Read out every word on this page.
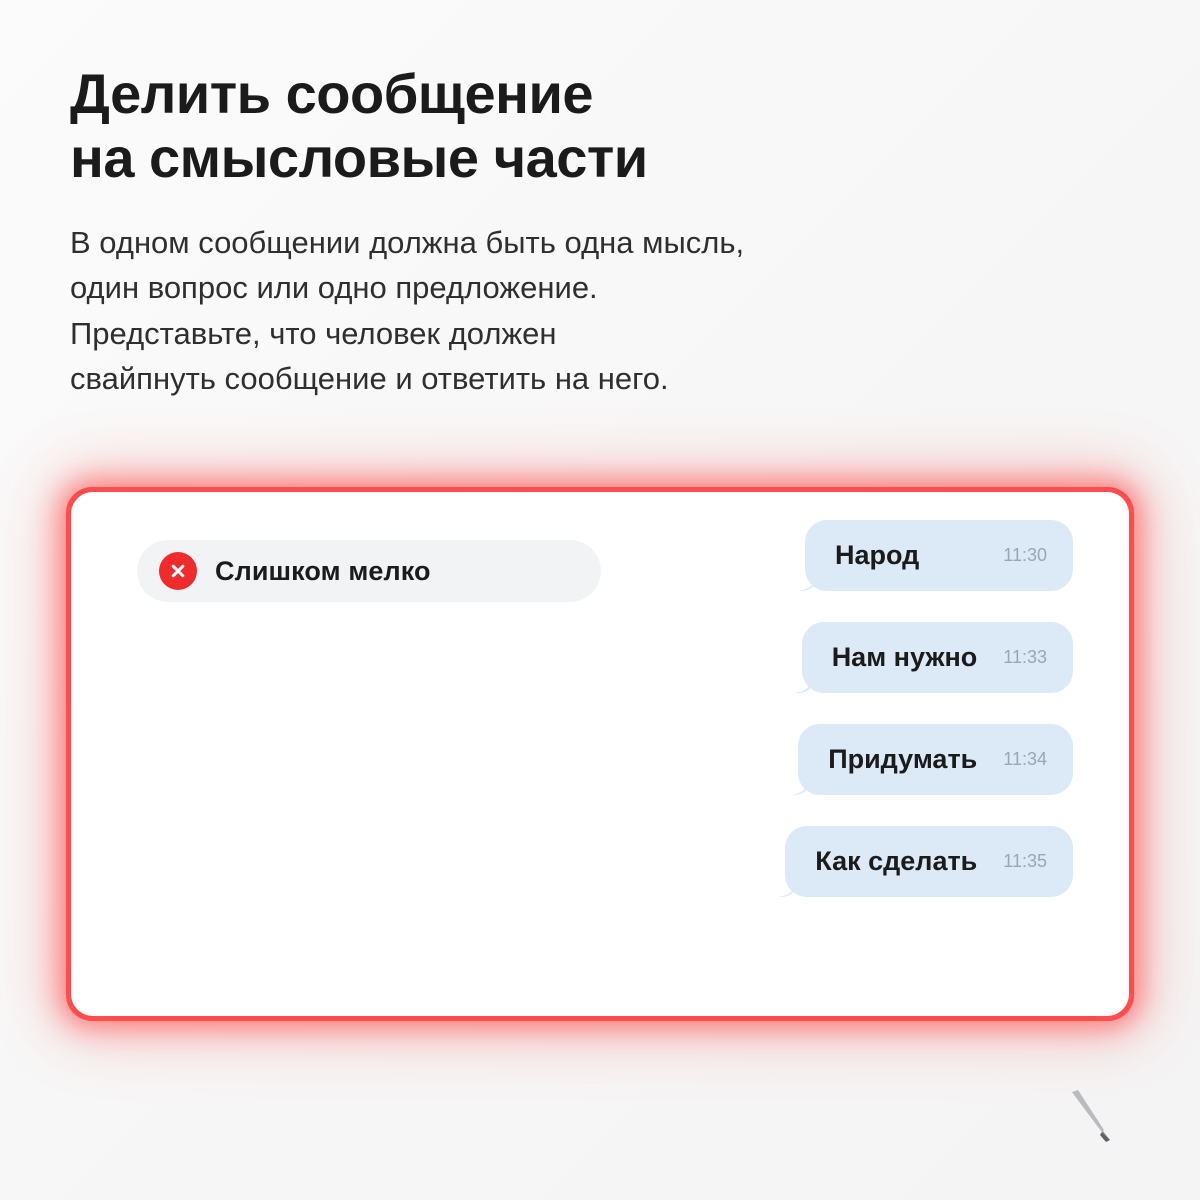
Делить сообщение
на смысловые части
В одном сообщении должна быть одна мысль,
один вопрос или одно предложение.
Представьте, что человек должен
свайпнуть сообщение и ответить на него.
Слишком мелко
Народ	11:30
Нам нужно 11:33
Придумать 11:34
Как сделать 11:35
